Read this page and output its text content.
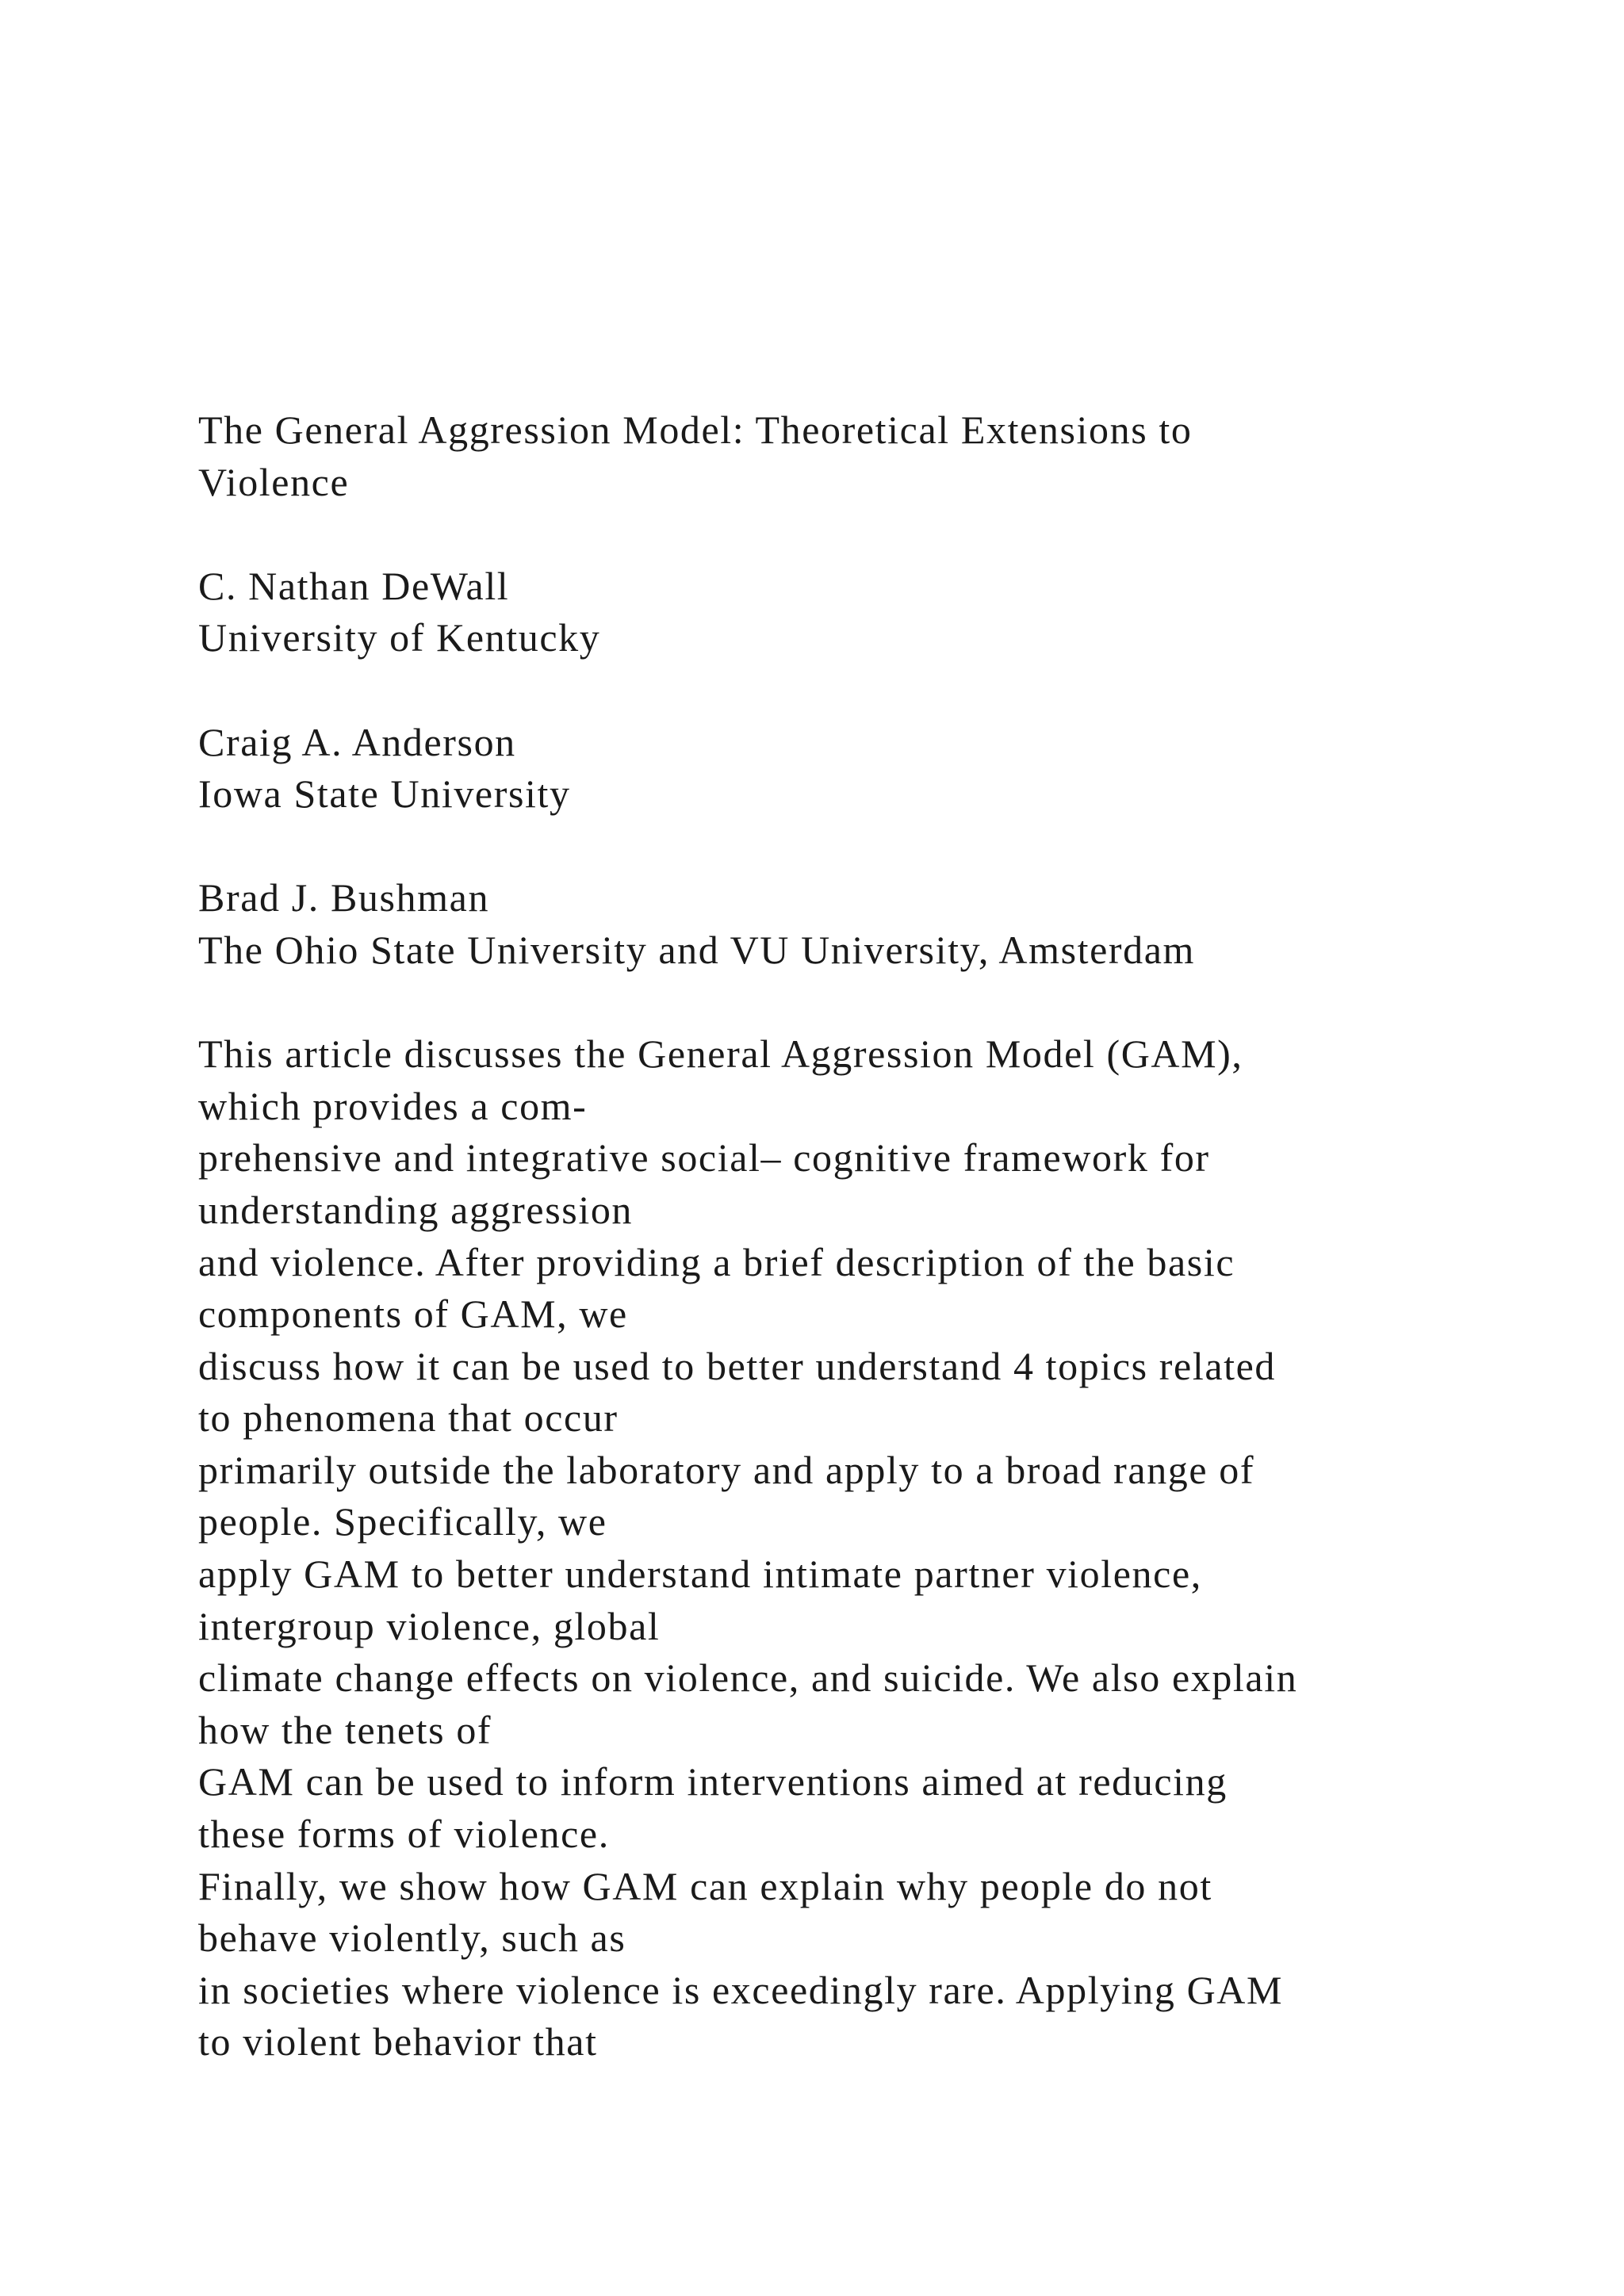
The General Aggression Model: Theoretical Extensions to
Violence
C. Nathan DeWall
University of Kentucky
Craig A. Anderson
Iowa State University
Brad J. Bushman
The Ohio State University and VU University, Amsterdam
This article discusses the General Aggression Model (GAM),
which provides a com-
prehensive and integrative social– cognitive framework for
understanding aggression
and violence. After providing a brief description of the basic
components of GAM, we
discuss how it can be used to better understand 4 topics related
to phenomena that occur
primarily outside the laboratory and apply to a broad range of
people. Specifically, we
apply GAM to better understand intimate partner violence,
intergroup violence, global
climate change effects on violence, and suicide. We also explain
how the tenets of
GAM can be used to inform interventions aimed at reducing
these forms of violence.
Finally, we show how GAM can explain why people do not
behave violently, such as
in societies where violence is exceedingly rare. Applying GAM
to violent behavior that
